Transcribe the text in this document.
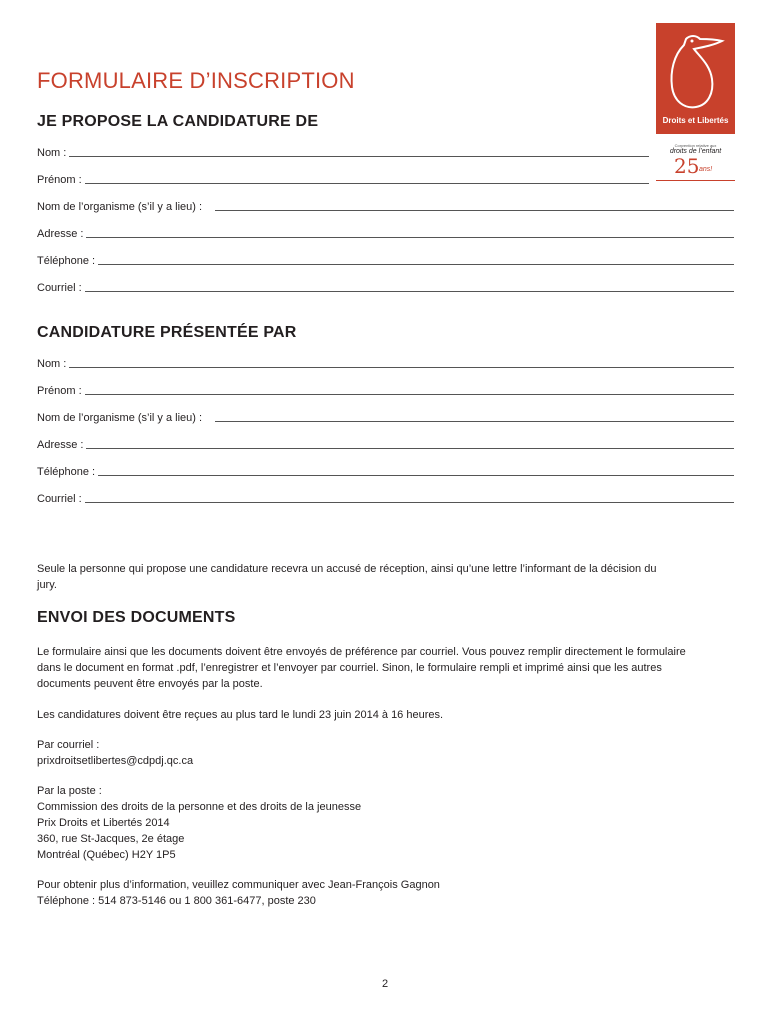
FORMULAIRE D’INSCRIPTION
Droits et Libertés
Convention relative aux
droits de l’enfant
25 ans!
JE PROPOSE LA CANDIDATURE DE
Nom :
Prénom :
Nom de l’organisme (s’il y a lieu) :
Adresse :
Téléphone :
Courriel :
CANDIDATURE PRÉSENTÉE PAR
Nom :
Prénom :
Nom de l’organisme (s’il y a lieu) :
Adresse :
Téléphone :
Courriel :

Seule la personne qui propose une candidature recevra un accusé de réception, ainsi qu’une lettre l’informant de la décision du jury.

ENVOI DES DOCUMENTS

Le formulaire ainsi que les documents doivent être envoyés de préférence par courriel. Vous pouvez remplir directement le formulaire dans le document en format .pdf, l’enregistrer et l’envoyer par courriel. Sinon, le formulaire rempli et imprimé ainsi que les autres documents peuvent être envoyés par la poste.

Les candidatures doivent être reçues au plus tard le lundi 23 juin 2014 à 16 heures.

Par courriel :

prixdroitsetlibertes@cdpdj.qc.ca

Par la poste :

Commission des droits de la personne et des droits de la jeunesse

Prix Droits et Libertés 2014

360, rue St-Jacques, 2e étage

Montréal (Québec) H2Y 1P5

Pour obtenir plus d’information, veuillez communiquer avec Jean-François Gagnon

Téléphone : 514 873-5146 ou 1 800 361-6477, poste 230

2
